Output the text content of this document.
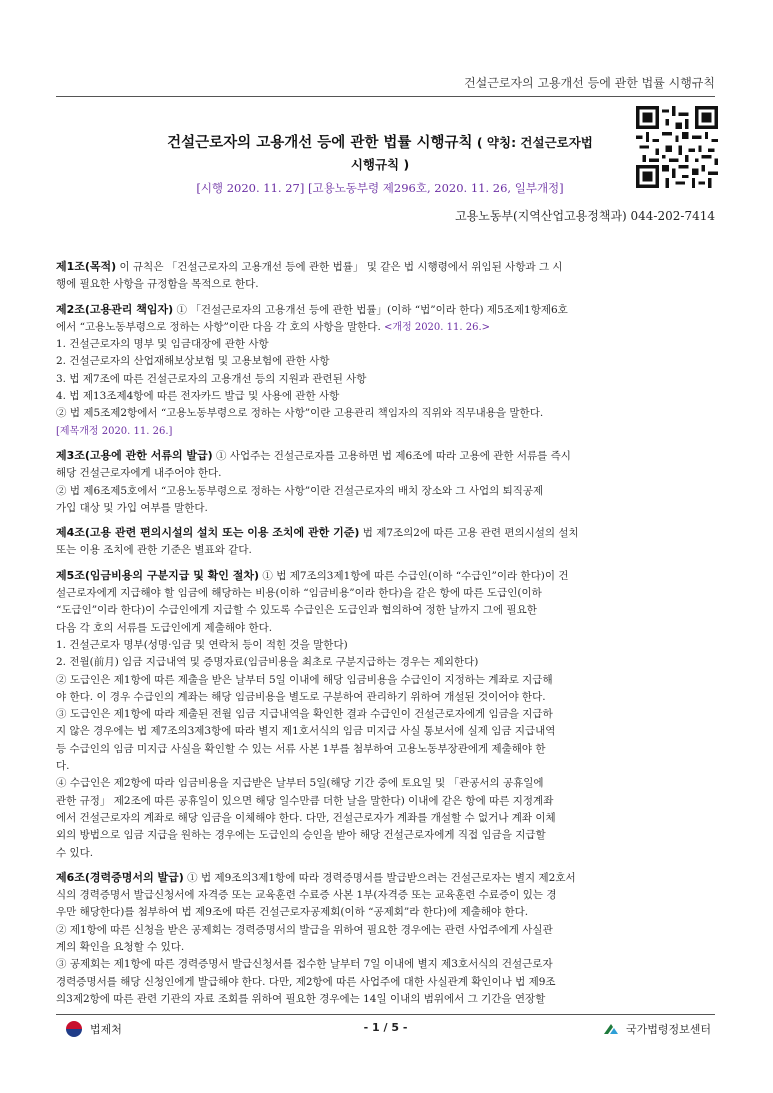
건설근로자의 고용개선 등에 관한 법률 시행규칙

건설근로자의 고용개선 등에 관한 법률 시행규칙 ( 약칭: 건설근로자법
시행규칙 )

[시행 2020. 11. 27] [고용노동부령 제296호, 2020. 11. 26, 일부개정]
고용노동부(지역산업고용정책과) 044-202-7414
제1조(목적) 이 규칙은 「건설근로자의 고용개선 등에 관한 법률」 및 같은 법 시행령에서 위임된 사항과 그 시
행에 필요한 사항을 규정함을 목적으로 한다.
제2조(고용관리 책임자) ① 「건설근로자의 고용개선 등에 관한 법률」(이하 “법”이라 한다) 제5조제1항제6호
에서 “고용노동부령으로 정하는 사항”이란 다음 각 호의 사항을 말한다. <개정 2020. 11. 26.>
1. 건설근로자의 명부 및 임금대장에 관한 사항
2. 건설근로자의 산업재해보상보험 및 고용보험에 관한 사항
3. 법 제7조에 따른 건설근로자의 고용개선 등의 지원과 관련된 사항
4. 법 제13조제4항에 따른 전자카드 발급 및 사용에 관한 사항
② 법 제5조제2항에서 “고용노동부령으로 정하는 사항”이란 고용관리 책임자의 직위와 직무내용을 말한다.
[제목개정 2020. 11. 26.]
제3조(고용에 관한 서류의 발급) ① 사업주는 건설근로자를 고용하면 법 제6조에 따라 고용에 관한 서류를 즉시
해당 건설근로자에게 내주어야 한다.
② 법 제6조제5호에서 “고용노동부령으로 정하는 사항”이란 건설근로자의 배치 장소와 그 사업의 퇴직공제
가입 대상 및 가입 여부를 말한다.
제4조(고용 관련 편의시설의 설치 또는 이용 조치에 관한 기준) 법 제7조의2에 따른 고용 관련 편의시설의 설치
또는 이용 조치에 관한 기준은 별표와 같다.
제5조(임금비용의 구분지급 및 확인 절차) ① 법 제7조의3제1항에 따른 수급인(이하 “수급인”이라 한다)이 건
설근로자에게 지급해야 할 임금에 해당하는 비용(이하 “임금비용”이라 한다)을 같은 항에 따른 도급인(이하
“도급인”이라 한다)이 수급인에게 지급할 수 있도록 수급인은 도급인과 협의하여 정한 날까지 그에 필요한
다음 각 호의 서류를 도급인에게 제출해야 한다.
1. 건설근로자 명부(성명·임금 및 연락처 등이 적힌 것을 말한다)
2. 전월(前月) 임금 지급내역 및 증명자료(임금비용을 최초로 구분지급하는 경우는 제외한다)
② 도급인은 제1항에 따른 제출을 받은 날부터 5일 이내에 해당 임금비용을 수급인이 지정하는 계좌로 지급해
야 한다. 이 경우 수급인의 계좌는 해당 임금비용을 별도로 구분하여 관리하기 위하여 개설된 것이어야 한다.
③ 도급인은 제1항에 따라 제출된 전월 임금 지급내역을 확인한 결과 수급인이 건설근로자에게 임금을 지급하
지 않은 경우에는 법 제7조의3제3항에 따라 별지 제1호서식의 임금 미지급 사실 통보서에 실제 임금 지급내역
등 수급인의 임금 미지급 사실을 확인할 수 있는 서류 사본 1부를 첨부하여 고용노동부장관에게 제출해야 한
다.
④ 수급인은 제2항에 따라 임금비용을 지급받은 날부터 5일(해당 기간 중에 토요일 및 「관공서의 공휴일에
관한 규정」 제2조에 따른 공휴일이 있으면 해당 일수만큼 더한 날을 말한다) 이내에 같은 항에 따른 지정계좌
에서 건설근로자의 계좌로 해당 임금을 이체해야 한다. 다만, 건설근로자가 계좌를 개설할 수 없거나 계좌 이체
외의 방법으로 임금 지급을 원하는 경우에는 도급인의 승인을 받아 해당 건설근로자에게 직접 임금을 지급할
수 있다.
제6조(경력증명서의 발급) ① 법 제9조의3제1항에 따라 경력증명서를 발급받으려는 건설근로자는 별지 제2호서
식의 경력증명서 발급신청서에 자격증 또는 교육훈련 수료증 사본 1부(자격증 또는 교육훈련 수료증이 있는 경
우만 해당한다)를 첨부하여 법 제9조에 따른 건설근로자공제회(이하 “공제회”라 한다)에 제출해야 한다.
② 제1항에 따른 신청을 받은 공제회는 경력증명서의 발급을 위하여 필요한 경우에는 관련 사업주에게 사실관
계의 확인을 요청할 수 있다.
③ 공제회는 제1항에 따른 경력증명서 발급신청서를 접수한 날부터 7일 이내에 별지 제3호서식의 건설근로자
경력증명서를 해당 신청인에게 발급해야 한다. 다만, 제2항에 따른 사업주에 대한 사실관계 확인이나 법 제9조
의3제2항에 따른 관련 기관의 자료 조회를 위하여 필요한 경우에는 14일 이내의 범위에서 그 기간을 연장할
법제처	- 1 / 5 -	국가법령정보센터
